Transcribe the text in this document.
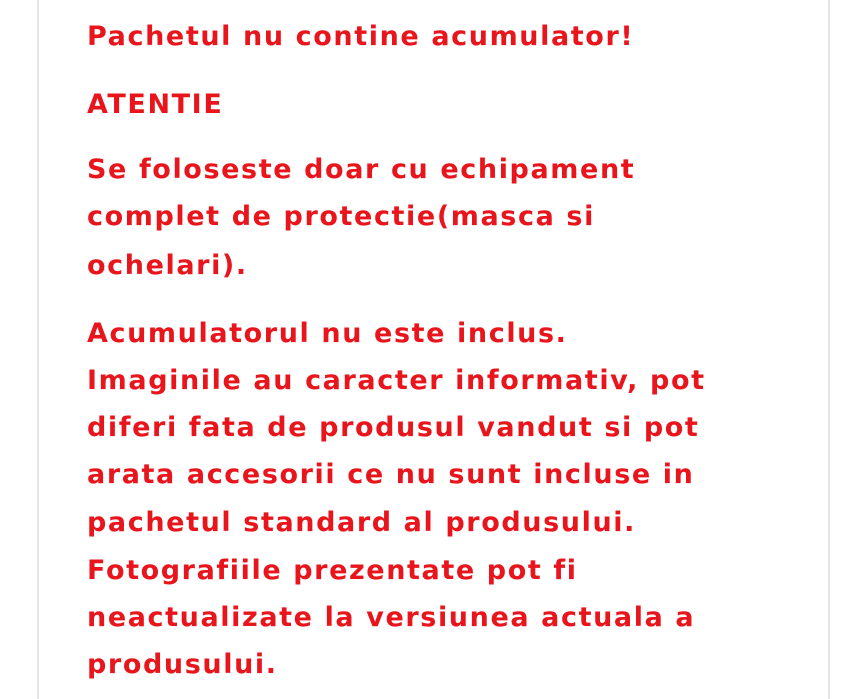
Pachetul nu contine acumulator!
ATENTIE
Se foloseste doar cu echipament
complet de protectie(masca si
ochelari).
Acumulatorul nu este inclus.
Imaginile au caracter informativ, pot
diferi fata de produsul vandut si pot
arata accesorii ce nu sunt incluse in
pachetul standard al produsului.
Fotografiile prezentate pot fi
neactualizate la versiunea actuala a
produsului.
